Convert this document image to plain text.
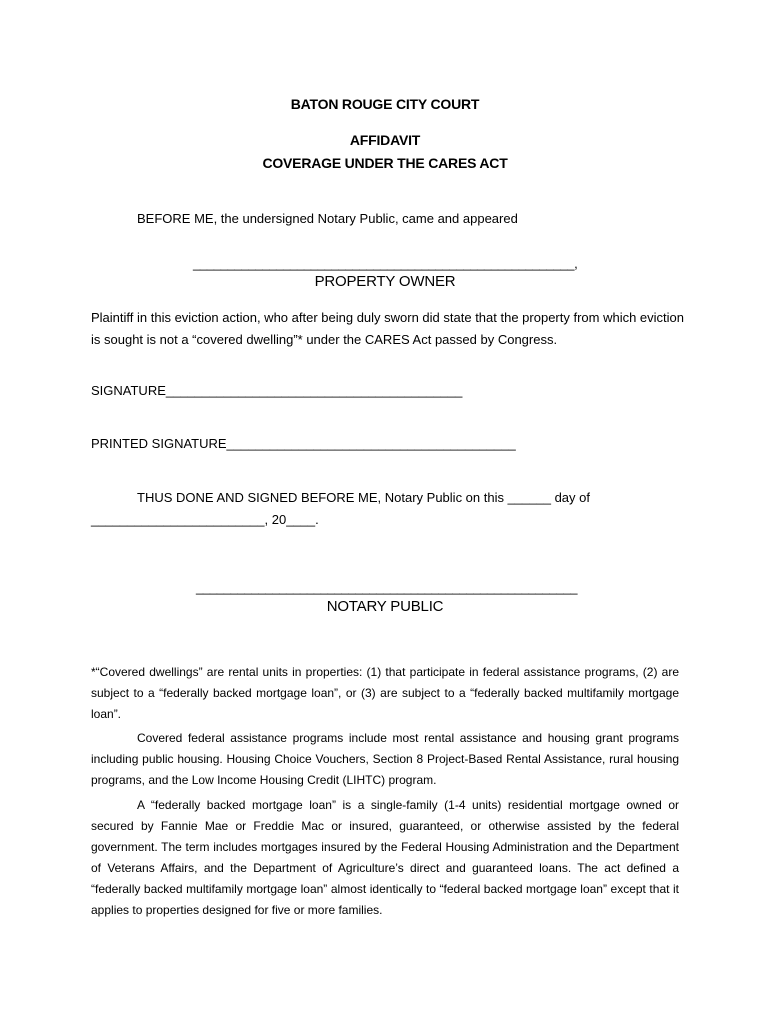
BATON ROUGE CITY COURT
AFFIDAVIT
COVERAGE UNDER THE CARES ACT
BEFORE ME, the undersigned Notary Public, came and appeared
_______________________________________________________,
PROPERTY OWNER
Plaintiff in this eviction action, who after being duly sworn did state that the property from which eviction is sought is not a “covered dwelling”* under the CARES Act passed by Congress.
SIGNATURE_________________________________________
PRINTED SIGNATURE________________________________________
THUS DONE AND SIGNED BEFORE ME, Notary Public on this ______ day of
________________________, 20____.
_______________________________________________________
NOTARY PUBLIC
*“Covered dwellings” are rental units in properties: (1) that participate in federal assistance programs, (2) are subject to a “federally backed mortgage loan”, or (3) are subject to a “federally backed multifamily mortgage loan”.
Covered federal assistance programs include most rental assistance and housing grant programs including public housing. Housing Choice Vouchers, Section 8 Project-Based Rental Assistance, rural housing programs, and the Low Income Housing Credit (LIHTC) program.
A “federally backed mortgage loan” is a single-family (1-4 units) residential mortgage owned or secured by Fannie Mae or Freddie Mac or insured, guaranteed, or otherwise assisted by the federal government. The term includes mortgages insured by the Federal Housing Administration and the Department of Veterans Affairs, and the Department of Agriculture’s direct and guaranteed loans. The act defined a “federally backed multifamily mortgage loan” almost identically to “federal backed mortgage loan” except that it applies to properties designed for five or more families.
